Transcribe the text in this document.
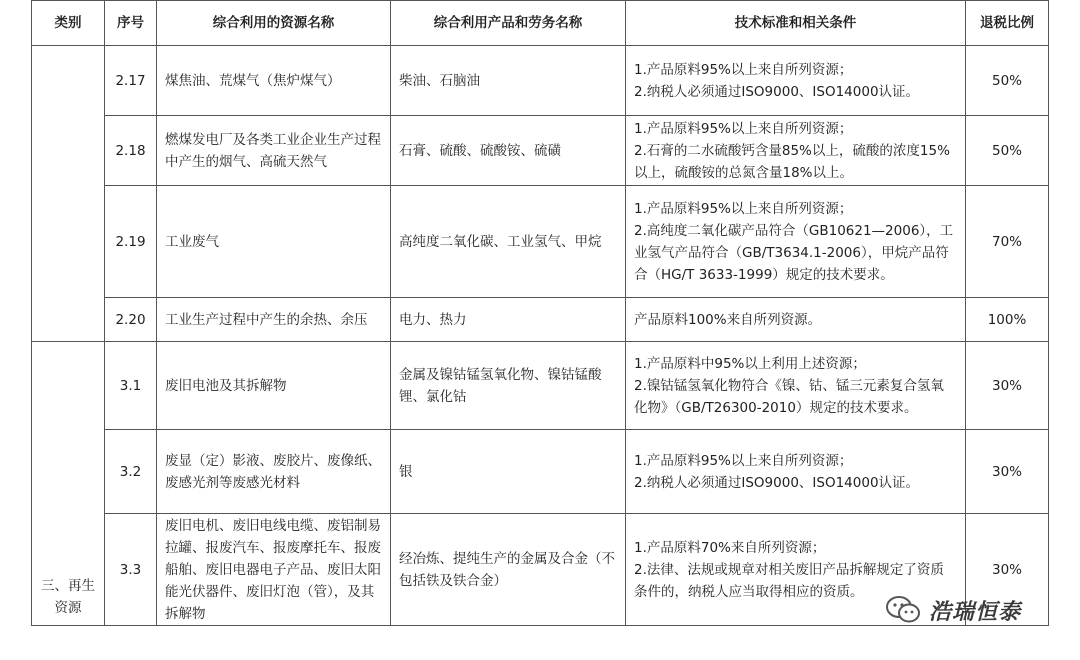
类别	序号	综合利用的资源名称	综合利用产品和劳务名称	技术标准和相关条件	退税比例
	2.17	煤焦油、荒煤气（焦炉煤气）	柴油、石脑油	1.产品原料95%以上来自所列资源；
2.纳税人必须通过ISO9000、ISO14000认证。	50%
	2.18	燃煤发电厂及各类工业企业生产过程中产生的烟气、高硫天然气	石膏、硫酸、硫酸铵、硫磺	1.产品原料95%以上来自所列资源；
2.石膏的二水硫酸钙含量85%以上，硫酸的浓度15%以上，硫酸铵的总氮含量18%以上。	50%
	2.19	工业废气	高纯度二氧化碳、工业氢气、甲烷	1.产品原料95%以上来自所列资源；
2.高纯度二氧化碳产品符合（GB10621—2006），工业氢气产品符合（GB/T3634.1-2006），甲烷产品符合（HG/T 3633-1999）规定的技术要求。	70%
	2.20	工业生产过程中产生的余热、余压	电力、热力	产品原料100%来自所列资源。	100%
三、再生资源	3.1	废旧电池及其拆解物	金属及镍钴锰氢氧化物、镍钴锰酸锂、氯化钴	1.产品原料中95%以上利用上述资源；
2.镍钴锰氢氧化物符合《镍、钴、锰三元素复合氢氧化物》（GB/T26300-2010）规定的技术要求。	30%
	3.2	废显（定）影液、废胶片、废像纸、废感光剂等废感光材料	银	1.产品原料95%以上来自所列资源；
2.纳税人必须通过ISO9000、ISO14000认证。	30%
	3.3	废旧电机、废旧电线电缆、废铝制易拉罐、报废汽车、报废摩托车、报废船舶、废旧电器电子产品、废旧太阳能光伏器件、废旧灯泡（管），及其拆解物	经冶炼、提纯生产的金属及合金（不包括铁及铁合金）	1.产品原料70%来自所列资源；
2.法律、法规或规章对相关废旧产品拆解规定了资质条件的，纳税人应当取得相应的资质。	30%
浩瑞恒泰
